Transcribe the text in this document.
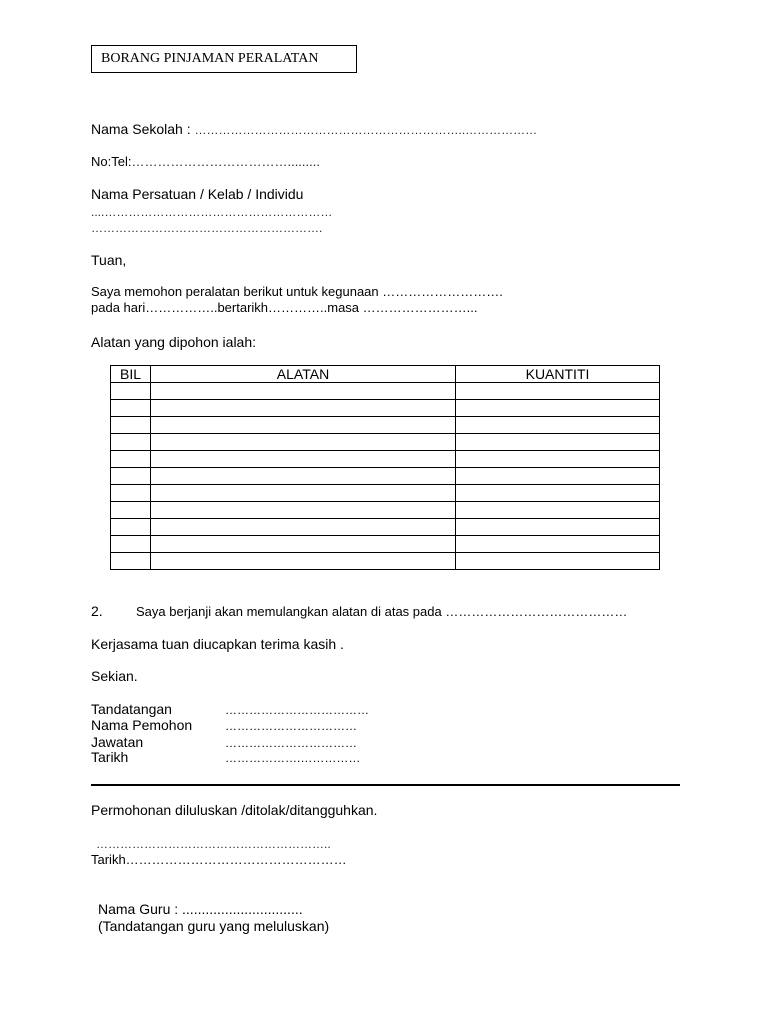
BORANG PINJAMAN PERALATAN
Nama Sekolah : …………………………………………………………..………………
No:Tel:……………………………….........
Nama Persatuan / Kelab / Individu
....…………………………………………………
………………………………………………….
Tuan,
Saya memohon peralatan berikut untuk kegunaan ……………………….
pada hari……………..bertarikh…………..masa ……………………...
Alatan yang dipohon ialah:
BIL	ALATAN	KUANTITI

2.	Saya berjanji akan memulangkan alatan di atas pada ……………………………………
Kerjasama tuan diucapkan terima kasih .
Sekian.
Tandatangan	………………………………
Nama Pemohon	……………………………
Jawatan	……………………………
Tarikh	……………….……………
Permohonan diluluskan /ditolak/ditangguhkan.
…………………………………………………..
Tarikh……………………………………………
Nama Guru : ...............................
(Tandatangan guru yang meluluskan)
